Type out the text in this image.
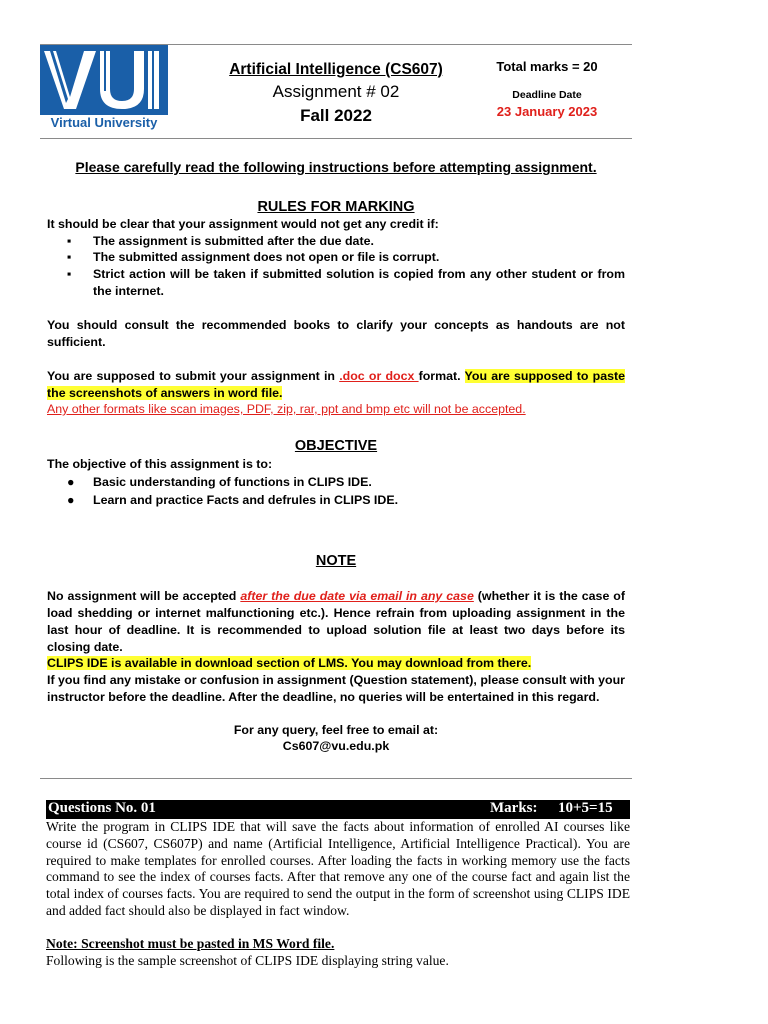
Virtual University
Artificial Intelligence (CS607)
Assignment # 02
Fall 2022
Total marks = 20
Deadline Date
23 January 2023
Please carefully read the following instructions before attempting assignment.
RULES FOR MARKING
It should be clear that your assignment would not get any credit if:
▪ The assignment is submitted after the due date.
▪ The submitted assignment does not open or file is corrupt.
▪ Strict action will be taken if submitted solution is copied from any other student or from the internet.
You should consult the recommended books to clarify your concepts as handouts are not sufficient.
You are supposed to submit your assignment in .doc or docx format. You are supposed to paste the screenshots of answers in word file.
Any other formats like scan images, PDF, zip, rar, ppt and bmp etc will not be accepted.
OBJECTIVE
The objective of this assignment is to:
● Basic understanding of functions in CLIPS IDE.
● Learn and practice Facts and defrules in CLIPS IDE.
NOTE
No assignment will be accepted after the due date via email in any case (whether it is the case of load shedding or internet malfunctioning etc.). Hence refrain from uploading assignment in the last hour of deadline. It is recommended to upload solution file at least two days before its closing date.
CLIPS IDE is available in download section of LMS. You may download from there.
If you find any mistake or confusion in assignment (Question statement), please consult with your instructor before the deadline. After the deadline, no queries will be entertained in this regard.
For any query, feel free to email at:
Cs607@vu.edu.pk
Questions No. 01	Marks: 10+5=15
Write the program in CLIPS IDE that will save the facts about information of enrolled AI courses like course id (CS607, CS607P) and name (Artificial Intelligence, Artificial Intelligence Practical). You are required to make templates for enrolled courses. After loading the facts in working memory use the facts command to see the index of courses facts. After that remove any one of the course fact and again list the total index of courses facts. You are required to send the output in the form of screenshot using CLIPS IDE and added fact should also be displayed in fact window.
Note: Screenshot must be pasted in MS Word file.
Following is the sample screenshot of CLIPS IDE displaying string value.
